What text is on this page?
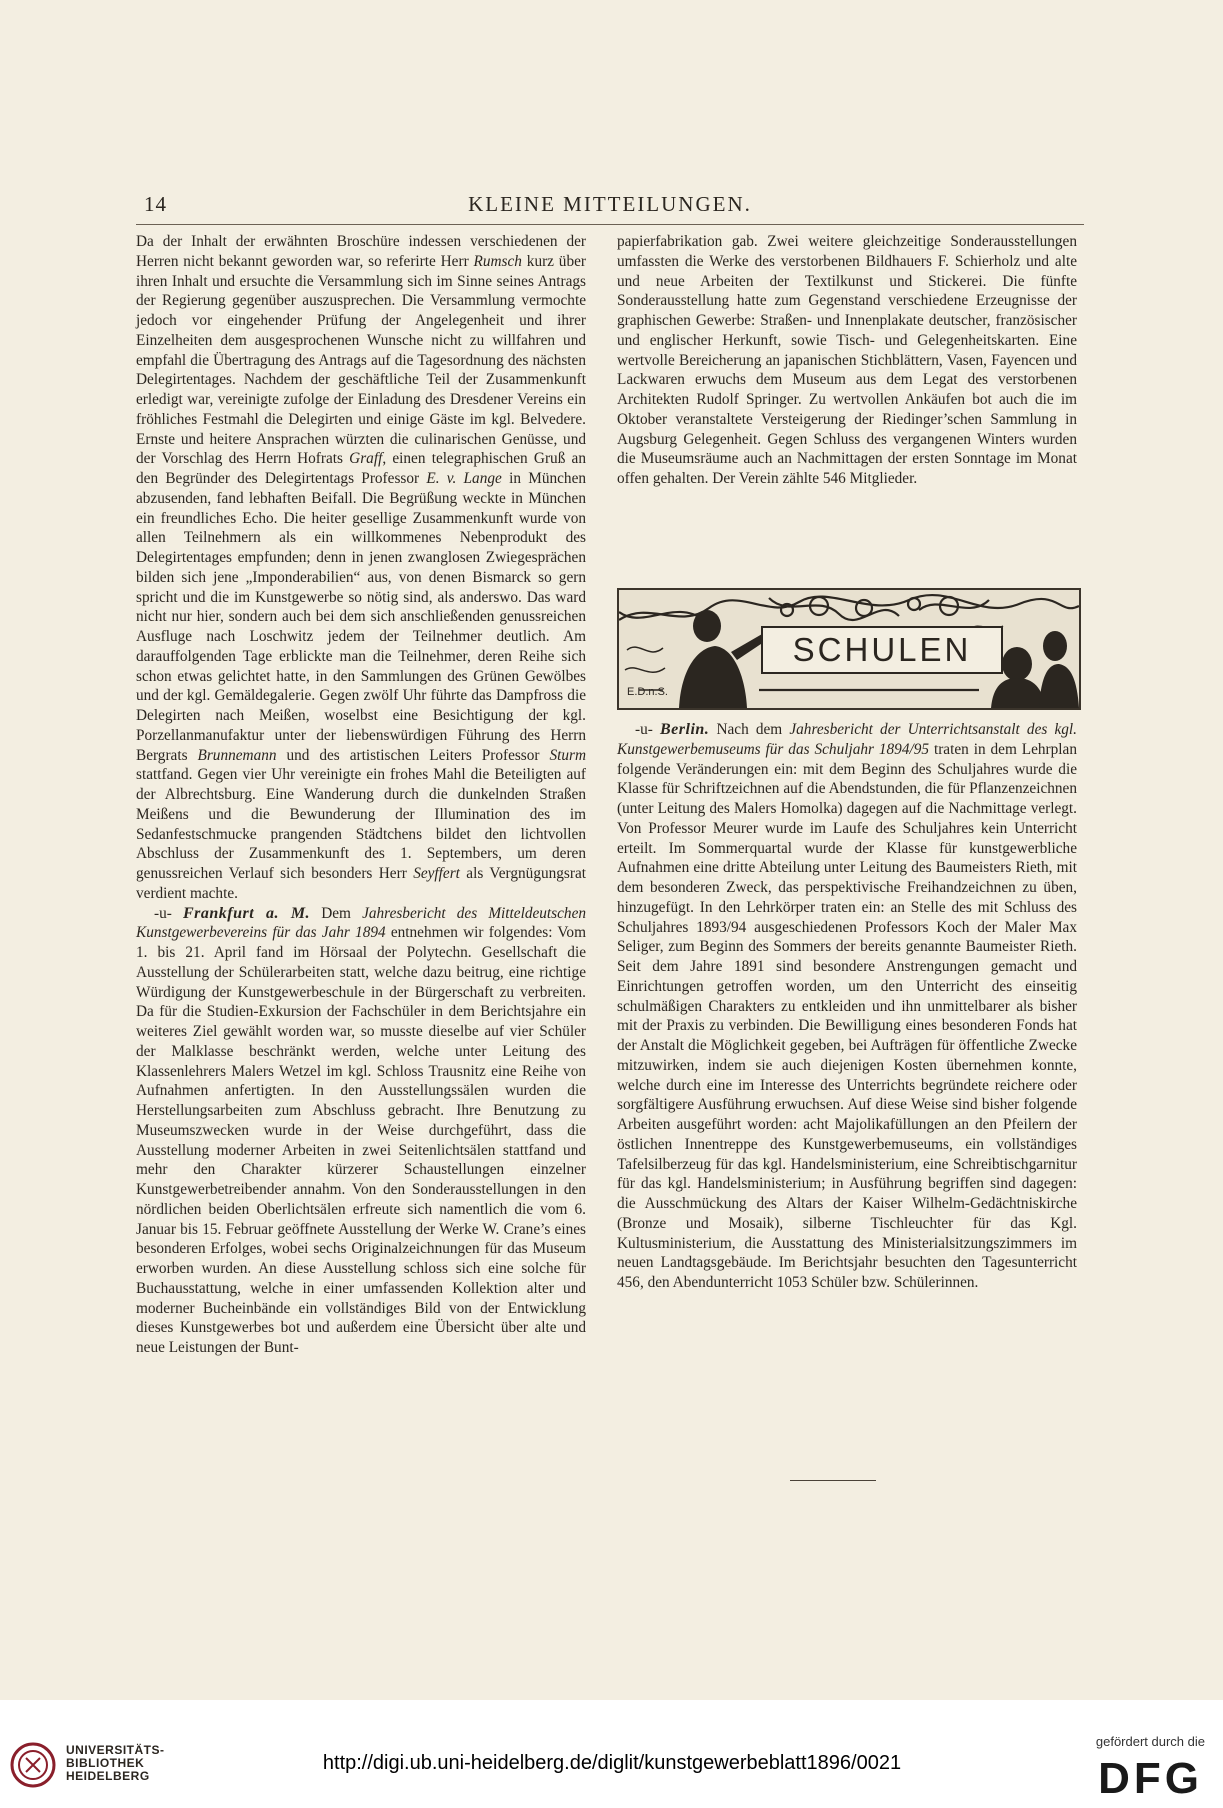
14	KLEINE MITTEILUNGEN.

Da der Inhalt der erwähnten Broschüre indessen verschiedenen der Herren nicht bekannt geworden war, so referirte Herr Rumsch kurz über ihren Inhalt und ersuchte die Versammlung sich im Sinne seines Antrags der Regierung gegenüber auszusprechen. Die Versammlung vermochte jedoch vor eingehender Prüfung der Angelegenheit und ihrer Einzelheiten dem ausgesprochenen Wunsche nicht zu willfahren und empfahl die Übertragung des Antrags auf die Tagesordnung des nächsten Delegirtentages. Nachdem der geschäftliche Teil der Zusammenkunft erledigt war, vereinigte zufolge der Einladung des Dresdener Vereins ein fröhliches Festmahl die Delegirten und einige Gäste im kgl. Belvedere. Ernste und heitere Ansprachen würzten die culinarischen Genüsse, und der Vorschlag des Herrn Hofrats Graff, einen telegraphischen Gruß an den Begründer des Delegirtentags Professor E. v. Lange in München abzusenden, fand lebhaften Beifall. Die Begrüßung weckte in München ein freundliches Echo. Die heiter gesellige Zusammenkunft wurde von allen Teilnehmern als ein willkommenes Nebenprodukt des Delegirtentages empfunden; denn in jenen zwanglosen Zwiegesprächen bilden sich jene „Imponderabilien“ aus, von denen Bismarck so gern spricht und die im Kunstgewerbe so nötig sind, als anderswo. Das ward nicht nur hier, sondern auch bei dem sich anschließenden genussreichen Ausfluge nach Loschwitz jedem der Teilnehmer deutlich. Am darauffolgenden Tage erblickte man die Teilnehmer, deren Reihe sich schon etwas gelichtet hatte, in den Sammlungen des Grünen Gewölbes und der kgl. Gemäldegalerie. Gegen zwölf Uhr führte das Dampfross die Delegirten nach Meißen, woselbst eine Besichtigung der kgl. Porzellanmanufaktur unter der liebenswürdigen Führung des Herrn Bergrats Brunnemann und des artistischen Leiters Professor Sturm stattfand. Gegen vier Uhr vereinigte ein frohes Mahl die Beteiligten auf der Albrechtsburg. Eine Wanderung durch die dunkelnden Straßen Meißens und die Bewunderung der Illumination des im Sedanfestschmucke prangenden Städtchens bildet den lichtvollen Abschluss der Zusammenkunft des 1. Septembers, um deren genussreichen Verlauf sich besonders Herr Seyffert als Vergnügungsrat verdient machte.

-u- Frankfurt a. M. Dem Jahresbericht des Mitteldeutschen Kunstgewerbevereins für das Jahr 1894 entnehmen wir folgendes: Vom 1. bis 21. April fand im Hörsaal der Polytechn. Gesellschaft die Ausstellung der Schülerarbeiten statt, welche dazu beitrug, eine richtige Würdigung der Kunstgewerbeschule in der Bürgerschaft zu verbreiten. Da für die Studien-Exkursion der Fachschüler in dem Berichtsjahre ein weiteres Ziel gewählt worden war, so musste dieselbe auf vier Schüler der Malklasse beschränkt werden, welche unter Leitung des Klassenlehrers Malers Wetzel im kgl. Schloss Trausnitz eine Reihe von Aufnahmen anfertigten. In den Ausstellungssälen wurden die Herstellungsarbeiten zum Abschluss gebracht. Ihre Benutzung zu Museumszwecken wurde in der Weise durchgeführt, dass die Ausstellung moderner Arbeiten in zwei Seitenlichtsälen stattfand und mehr den Charakter kürzerer Schaustellungen einzelner Kunstgewerbetreibender annahm. Von den Sonderausstellungen in den nördlichen beiden Oberlichtsälen erfreute sich namentlich die vom 6. Januar bis 15. Februar geöffnete Ausstellung der Werke W. Crane’s eines besonderen Erfolges, wobei sechs Originalzeichnungen für das Museum erworben wurden. An diese Ausstellung schloss sich eine solche für Buchausstattung, welche in einer umfassenden Kollektion alter und moderner Bucheinbände ein vollständiges Bild von der Entwicklung dieses Kunstgewerbes bot und außerdem eine Übersicht über alte und neue Leistungen der Bunt-

papierfabrikation gab. Zwei weitere gleichzeitige Sonderausstellungen umfassten die Werke des verstorbenen Bildhauers F. Schierholz und alte und neue Arbeiten der Textilkunst und Stickerei. Die fünfte Sonderausstellung hatte zum Gegenstand verschiedene Erzeugnisse der graphischen Gewerbe: Straßen- und Innenplakate deutscher, französischer und englischer Herkunft, sowie Tisch- und Gelegenheitskarten. Eine wertvolle Bereicherung an japanischen Stichblättern, Vasen, Fayencen und Lackwaren erwuchs dem Museum aus dem Legat des verstorbenen Architekten Rudolf Springer. Zu wertvollen Ankäufen bot auch die im Oktober veranstaltete Versteigerung der Riedinger’schen Sammlung in Augsburg Gelegenheit. Gegen Schluss des vergangenen Winters wurden die Museumsräume auch an Nachmittagen der ersten Sonntage im Monat offen gehalten. Der Verein zählte 546 Mitglieder.

SCHULEN
E.D.n.S.

-u- Berlin. Nach dem Jahresbericht der Unterrichtsanstalt des kgl. Kunstgewerbemuseums für das Schuljahr 1894/95 traten in dem Lehrplan folgende Veränderungen ein: mit dem Beginn des Schuljahres wurde die Klasse für Schriftzeichnen auf die Abendstunden, die für Pflanzenzeichnen (unter Leitung des Malers Homolka) dagegen auf die Nachmittage verlegt. Von Professor Meurer wurde im Laufe des Schuljahres kein Unterricht erteilt. Im Sommerquartal wurde der Klasse für kunstgewerbliche Aufnahmen eine dritte Abteilung unter Leitung des Baumeisters Rieth, mit dem besonderen Zweck, das perspektivische Freihandzeichnen zu üben, hinzugefügt. In den Lehrkörper traten ein: an Stelle des mit Schluss des Schuljahres 1893/94 ausgeschiedenen Professors Koch der Maler Max Seliger, zum Beginn des Sommers der bereits genannte Baumeister Rieth. Seit dem Jahre 1891 sind besondere Anstrengungen gemacht und Einrichtungen getroffen worden, um den Unterricht des einseitig schulmäßigen Charakters zu entkleiden und ihn unmittelbarer als bisher mit der Praxis zu verbinden. Die Bewilligung eines besonderen Fonds hat der Anstalt die Möglichkeit gegeben, bei Aufträgen für öffentliche Zwecke mitzuwirken, indem sie auch diejenigen Kosten übernehmen konnte, welche durch eine im Interesse des Unterrichts begründete reichere oder sorgfältigere Ausführung erwuchsen. Auf diese Weise sind bisher folgende Arbeiten ausgeführt worden: acht Majolikafüllungen an den Pfeilern der östlichen Innentreppe des Kunstgewerbemuseums, ein vollständiges Tafelsilberzeug für das kgl. Handelsministerium, eine Schreibtischgarnitur für das kgl. Handelsministerium; in Ausführung begriffen sind dagegen: die Ausschmückung des Altars der Kaiser Wilhelm-Gedächtniskirche (Bronze und Mosaik), silberne Tischleuchter für das Kgl. Kultusministerium, die Ausstattung des Ministerialsitzungszimmers im neuen Landtagsgebäude. Im Berichtsjahr besuchten den Tagesunterricht 456, den Abendunterricht 1053 Schüler bzw. Schülerinnen.

UNIVERSITÄTS-
BIBLIOTHEK
HEIDELBERG
http://digi.ub.uni-heidelberg.de/diglit/kunstgewerbeblatt1896/0021
gefördert durch die
DFG
